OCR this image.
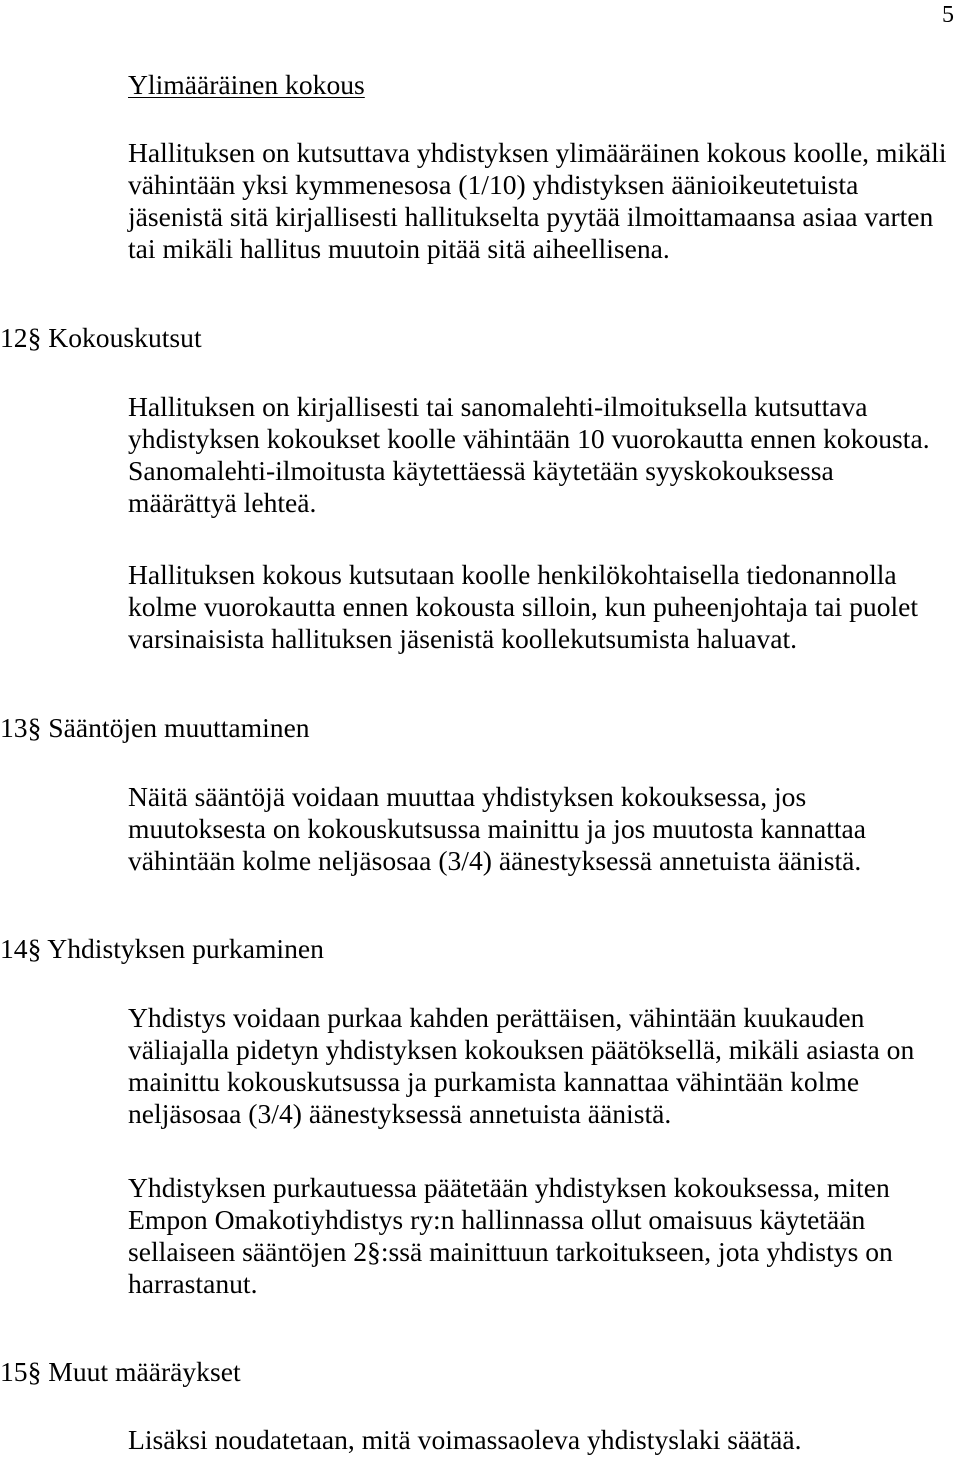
5
Ylimääräinen kokous
Hallituksen on kutsuttava yhdistyksen ylimääräinen kokous koolle, mikäli
vähintään yksi kymmenesosa (1/10) yhdistyksen äänioikeutetuista
jäsenistä sitä kirjallisesti hallitukselta pyytää ilmoittamaansa asiaa varten
tai mikäli hallitus muutoin pitää sitä aiheellisena.
12§ Kokouskutsut
Hallituksen on kirjallisesti tai sanomalehti-ilmoituksella kutsuttava
yhdistyksen kokoukset koolle vähintään 10 vuorokautta ennen kokousta.
Sanomalehti-ilmoitusta käytettäessä käytetään syyskokouksessa
määrättyä lehteä.
Hallituksen kokous kutsutaan koolle henkilökohtaisella tiedonannolla
kolme vuorokautta ennen kokousta silloin, kun puheenjohtaja tai puolet
varsinaisista hallituksen jäsenistä koollekutsumista haluavat.
13§ Sääntöjen muuttaminen
Näitä sääntöjä voidaan muuttaa yhdistyksen kokouksessa, jos
muutoksesta on kokouskutsussa mainittu ja jos muutosta kannattaa
vähintään kolme neljäsosaa (3/4) äänestyksessä annetuista äänistä.
14§ Yhdistyksen purkaminen
Yhdistys voidaan purkaa kahden perättäisen, vähintään kuukauden
väliajalla pidetyn yhdistyksen kokouksen päätöksellä, mikäli asiasta on
mainittu kokouskutsussa ja purkamista kannattaa vähintään kolme
neljäsosaa (3/4) äänestyksessä annetuista äänistä.
Yhdistyksen purkautuessa päätetään yhdistyksen kokouksessa, miten
Empon Omakotiyhdistys ry:n hallinnassa ollut omaisuus käytetään
sellaiseen sääntöjen 2§:ssä mainittuun tarkoitukseen, jota yhdistys on
harrastanut.
15§ Muut määräykset
Lisäksi noudatetaan, mitä voimassaoleva yhdistyslaki säätää.
